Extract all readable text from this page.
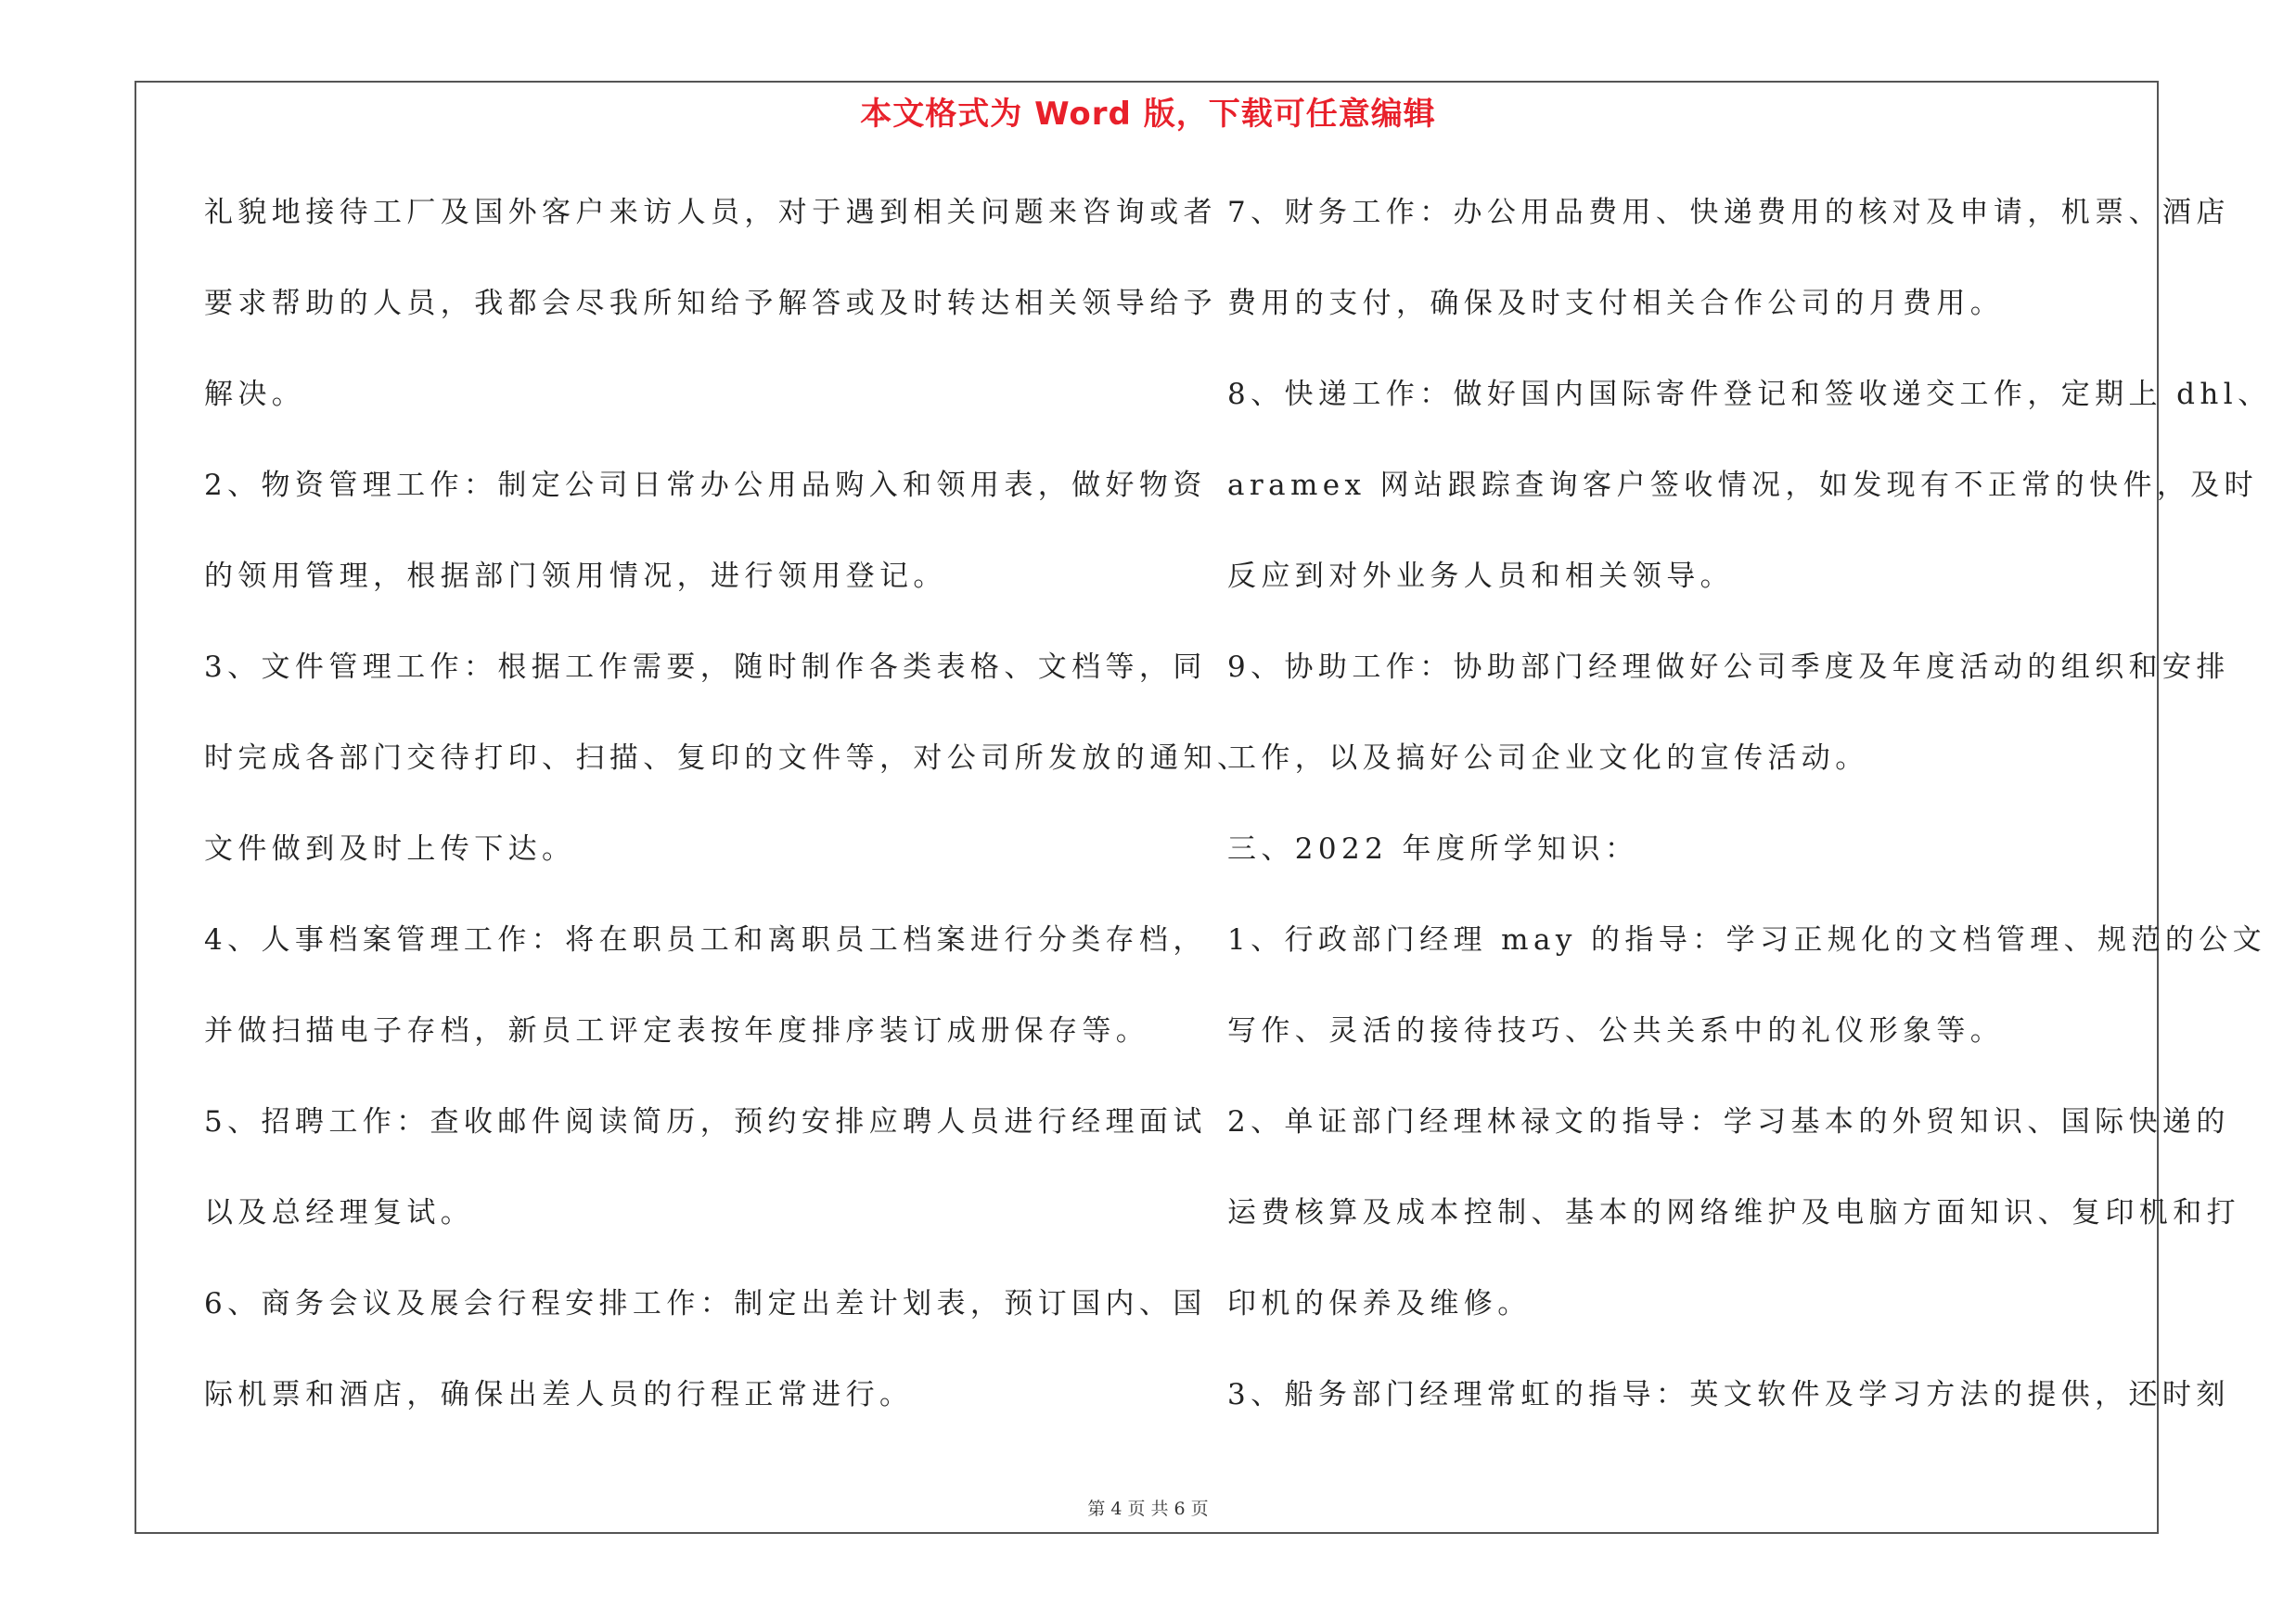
本文格式为 Word 版，下载可任意编辑
礼貌地接待工厂及国外客户来访人员，对于遇到相关问题来咨询或者
要求帮助的人员，我都会尽我所知给予解答或及时转达相关领导给予
解决。
2、物资管理工作：制定公司日常办公用品购入和领用表，做好物资
的领用管理，根据部门领用情况，进行领用登记。
3、文件管理工作：根据工作需要，随时制作各类表格、文档等，同
时完成各部门交待打印、扫描、复印的文件等，对公司所发放的通知、
文件做到及时上传下达。
4、人事档案管理工作：将在职员工和离职员工档案进行分类存档，
并做扫描电子存档，新员工评定表按年度排序装订成册保存等。
5、招聘工作：查收邮件阅读简历，预约安排应聘人员进行经理面试
以及总经理复试。
6、商务会议及展会行程安排工作：制定出差计划表，预订国内、国
际机票和酒店，确保出差人员的行程正常进行。
7、财务工作：办公用品费用、快递费用的核对及申请，机票、酒店
费用的支付，确保及时支付相关合作公司的月费用。
8、快递工作：做好国内国际寄件登记和签收递交工作，定期上 dhl、
aramex 网站跟踪查询客户签收情况，如发现有不正常的快件，及时
反应到对外业务人员和相关领导。
9、协助工作：协助部门经理做好公司季度及年度活动的组织和安排
工作，以及搞好公司企业文化的宣传活动。
三、2022 年度所学知识：
1、行政部门经理 may 的指导：学习正规化的文档管理、规范的公文
写作、灵活的接待技巧、公共关系中的礼仪形象等。
2、单证部门经理林禄文的指导：学习基本的外贸知识、国际快递的
运费核算及成本控制、基本的网络维护及电脑方面知识、复印机和打
印机的保养及维修。
3、船务部门经理常虹的指导：英文软件及学习方法的提供，还时刻
第 4 页 共 6 页
